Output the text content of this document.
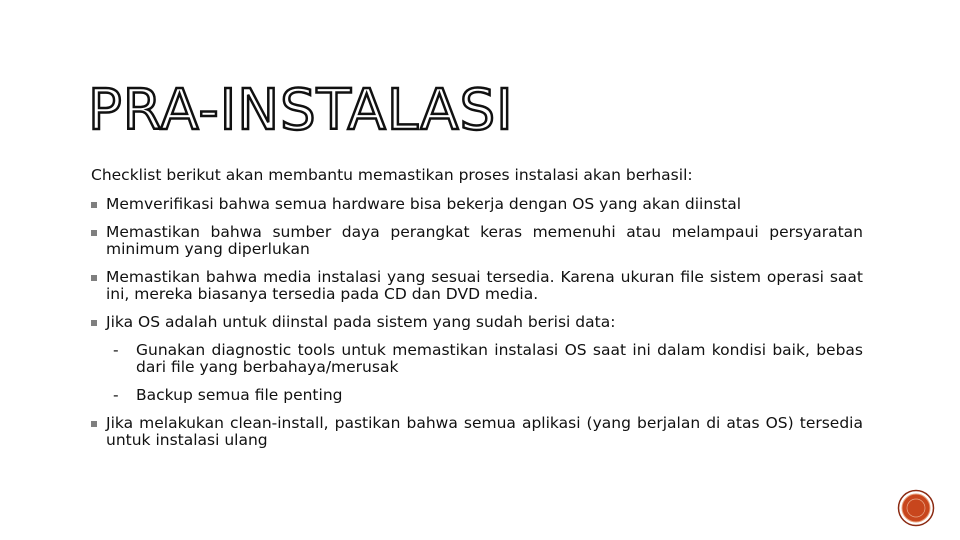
PRA-INSTALASI

Checklist berikut akan membantu memastikan proses instalasi akan berhasil:

Memverifikasi bahwa semua hardware bisa bekerja dengan OS yang akan diinstal
Memastikan bahwa sumber daya perangkat keras memenuhi atau melampaui persyaratan minimum yang diperlukan
Memastikan bahwa media instalasi yang sesuai tersedia. Karena ukuran file sistem operasi saat ini, mereka biasanya tersedia pada CD dan DVD media.
Jika OS adalah untuk diinstal pada sistem yang sudah berisi data:
- Gunakan diagnostic tools untuk memastikan instalasi OS saat ini dalam kondisi baik, bebas dari file yang berbahaya/merusak
- Backup semua file penting
Jika melakukan clean-install, pastikan bahwa semua aplikasi (yang berjalan di atas OS) tersedia untuk instalasi ulang
